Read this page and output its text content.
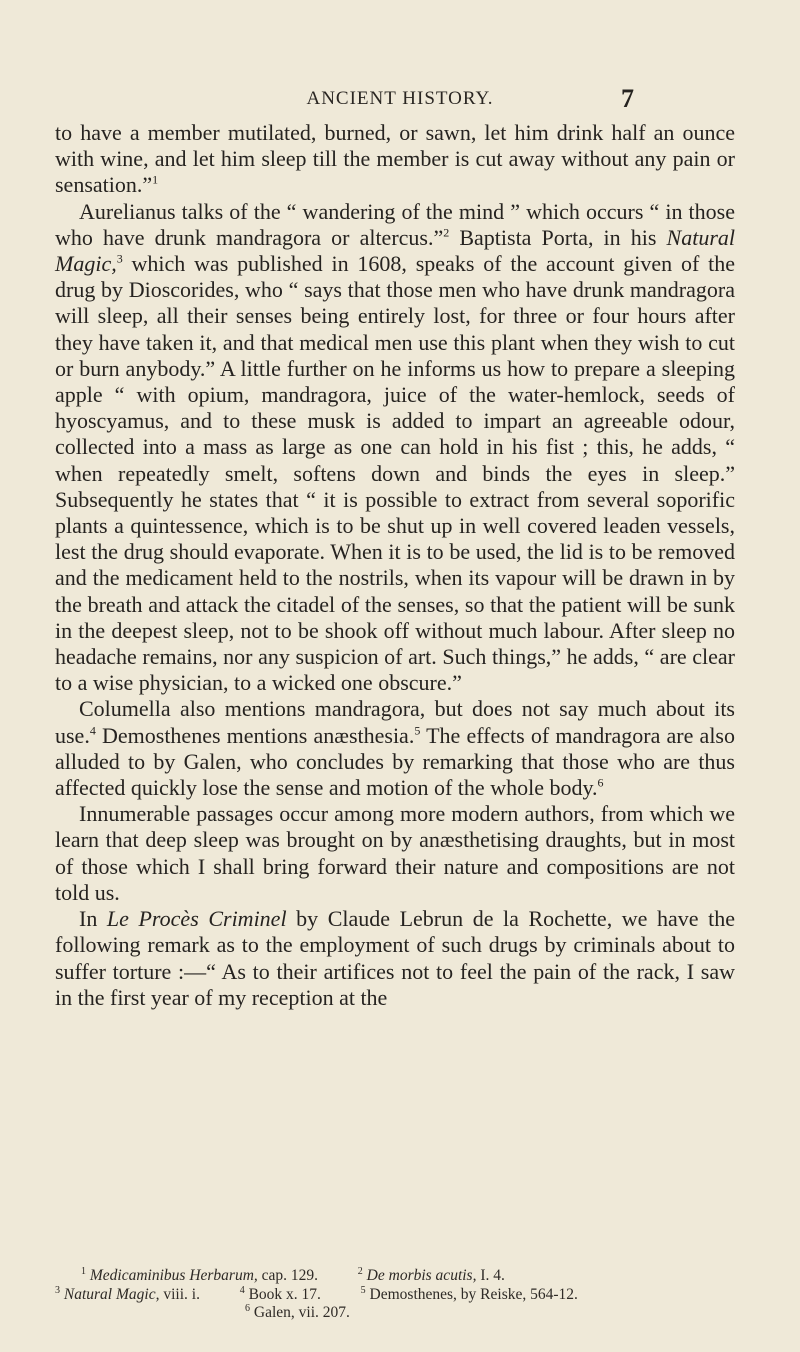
ANCIENT HISTORY.	7

to have a member mutilated, burned, or sawn, let him drink half an ounce with wine, and let him sleep till the member is cut away without any pain or sensation.”$^1$

Aurelianus talks of the “ wandering of the mind ” which occurs “ in those who have drunk mandragora or altercus.”$^2$ Baptista Porta, in his Natural Magic,$^3$ which was published in 1608, speaks of the account given of the drug by Dioscorides, who “ says that those men who have drunk mandragora will sleep, all their senses being entirely lost, for three or four hours after they have taken it, and that medical men use this plant when they wish to cut or burn anybody.” A little further on he informs us how to prepare a sleeping apple “ with opium, mandragora, juice of the water-hemlock, seeds of hyoscyamus, and to these musk is added to impart an agreeable odour, collected into a mass as large as one can hold in his fist ; this, he adds, “ when repeatedly smelt, softens down and binds the eyes in sleep.” Subsequently he states that “ it is possible to extract from several soporific plants a quintessence, which is to be shut up in well covered leaden vessels, lest the drug should evaporate. When it is to be used, the lid is to be removed and the medicament held to the nostrils, when its vapour will be drawn in by the breath and attack the citadel of the senses, so that the patient will be sunk in the deepest sleep, not to be shook off without much labour. After sleep no headache remains, nor any suspicion of art. Such things,” he adds, “ are clear to a wise physician, to a wicked one obscure.”

Columella also mentions mandragora, but does not say much about its use.$^4$ Demosthenes mentions anæsthesia.$^5$ The effects of mandragora are also alluded to by Galen, who concludes by remarking that those who are thus affected quickly lose the sense and motion of the whole body.$^6$

Innumerable passages occur among more modern authors, from which we learn that deep sleep was brought on by anæsthetising draughts, but in most of those which I shall bring forward their nature and compositions are not told us.

In Le Procès Criminel by Claude Lebrun de la Rochette, we have the following remark as to the employment of such drugs by criminals about to suffer torture :—“ As to their artifices not to feel the pain of the rack, I saw in the first year of my reception at the

$^1$ Medicaminibus Herbarum, cap. 129.	$^2$ De morbis acutis, I. 4.
$^3$ Natural Magic, viii. i.	$^4$ Book x. 17.	$^5$ Demosthenes, by Reiske, 564-12.
$^6$ Galen, vii. 207.
